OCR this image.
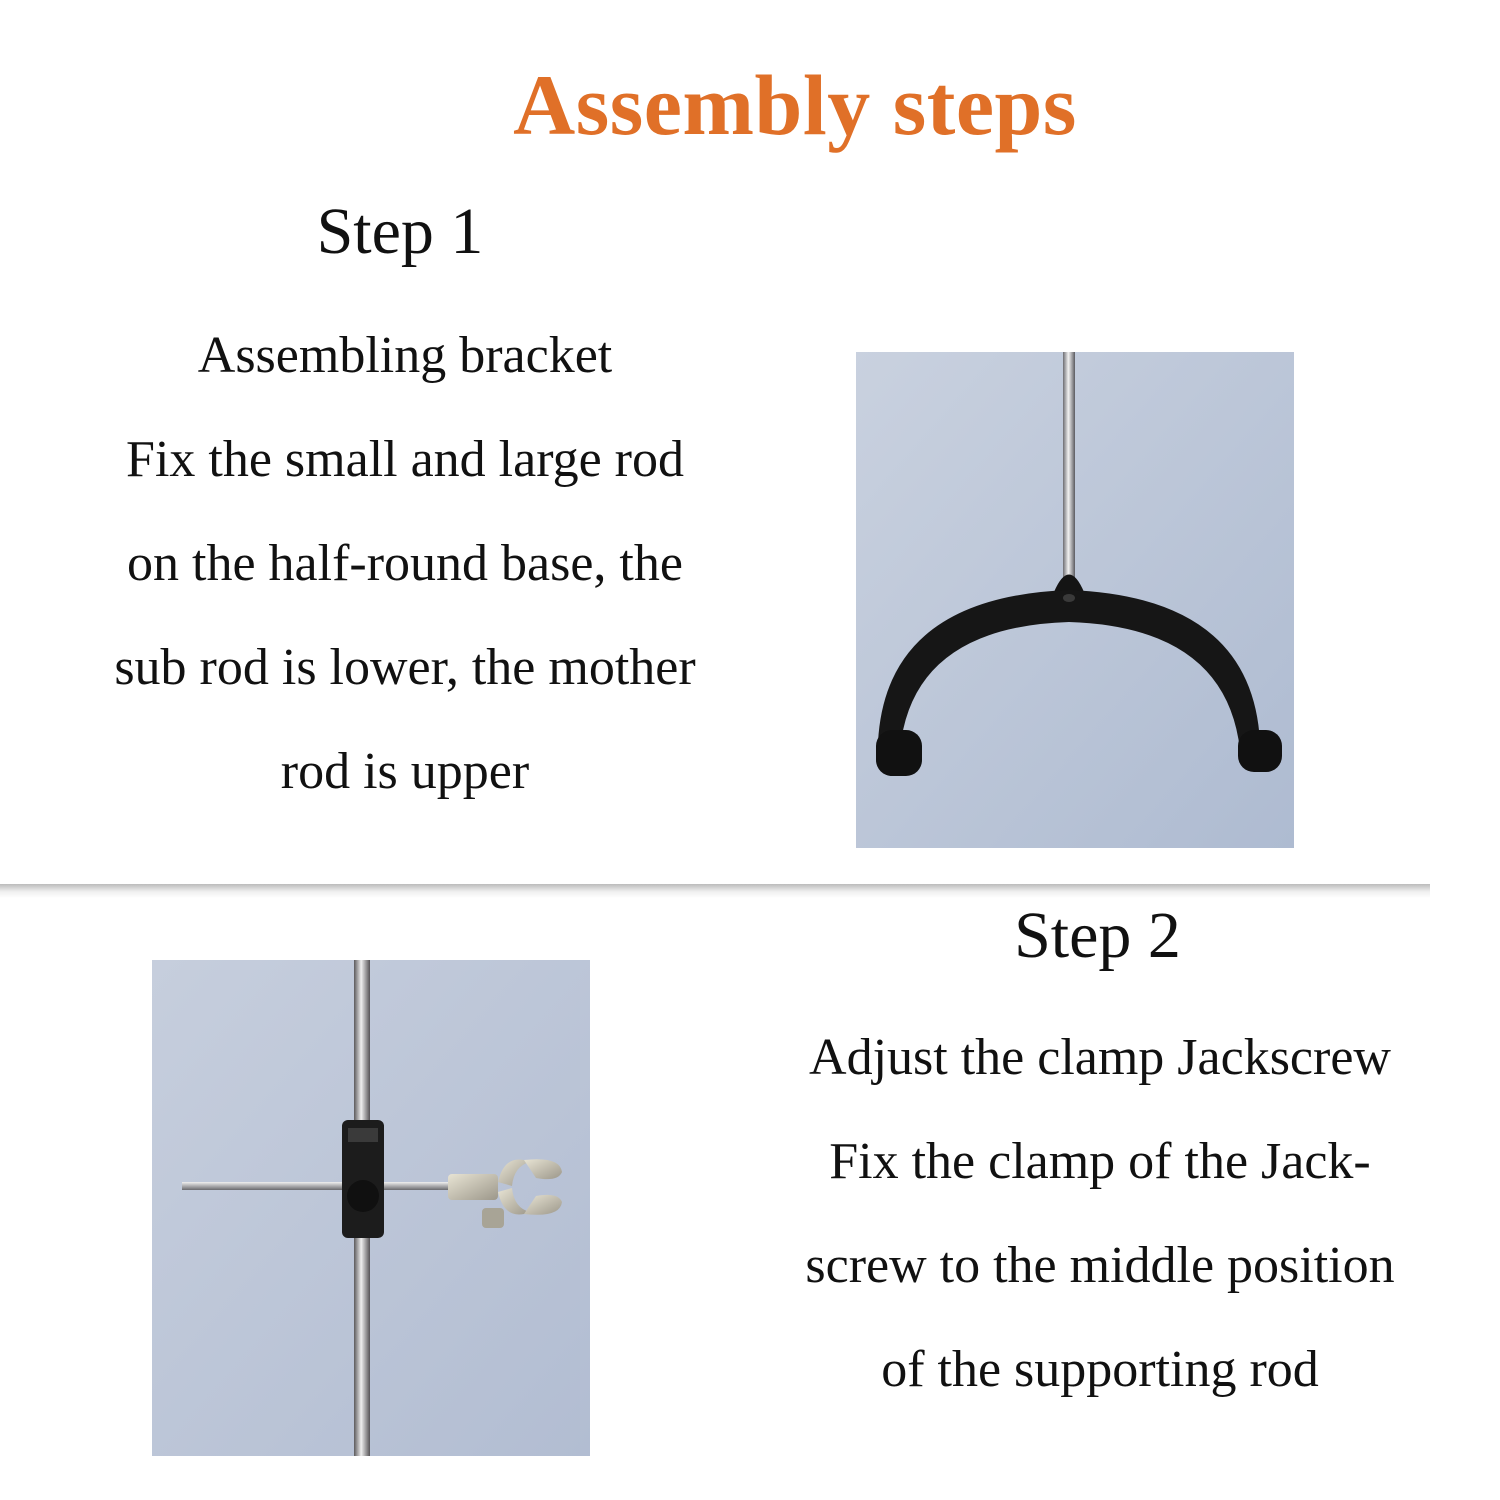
Assembly steps
Step 1

Assembling bracket

Fix the small and large rod

on the half-round base, the

sub rod is lower, the mother

rod is upper

Step 2

Adjust the clamp Jackscrew

Fix the clamp of the Jack-

screw to the middle position

of the supporting rod
